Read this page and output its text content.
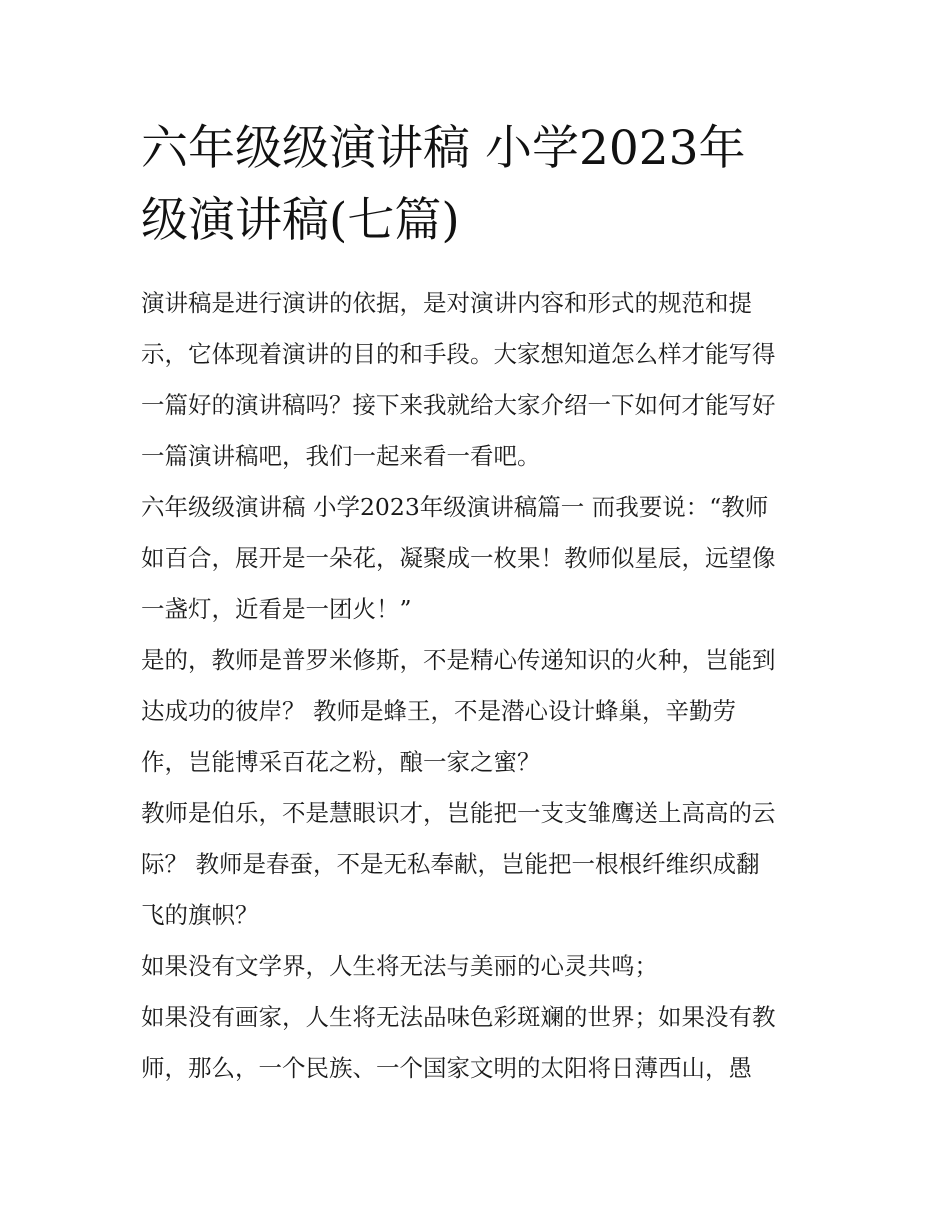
六年级级演讲稿 小学2023年
级演讲稿(七篇)
演讲稿是进行演讲的依据，是对演讲内容和形式的规范和提
示，它体现着演讲的目的和手段。大家想知道怎么样才能写得
一篇好的演讲稿吗？接下来我就给大家介绍一下如何才能写好
一篇演讲稿吧，我们一起来看一看吧。
六年级级演讲稿 小学2023年级演讲稿篇一 而我要说：“教师
如百合，展开是一朵花，凝聚成一枚果！教师似星辰，远望像
一盏灯，近看是一团火！”
是的，教师是普罗米修斯，不是精心传递知识的火种，岂能到
达成功的彼岸？ 教师是蜂王，不是潜心设计蜂巢，辛勤劳
作，岂能博采百花之粉，酿一家之蜜？
教师是伯乐，不是慧眼识才，岂能把一支支雏鹰送上高高的云
际？ 教师是春蚕，不是无私奉献，岂能把一根根纤维织成翻
飞的旗帜？
如果没有文学界，人生将无法与美丽的心灵共鸣；
如果没有画家，人生将无法品味色彩斑斓的世界；如果没有教
师，那么，一个民族、一个国家文明的太阳将日薄西山，愚
